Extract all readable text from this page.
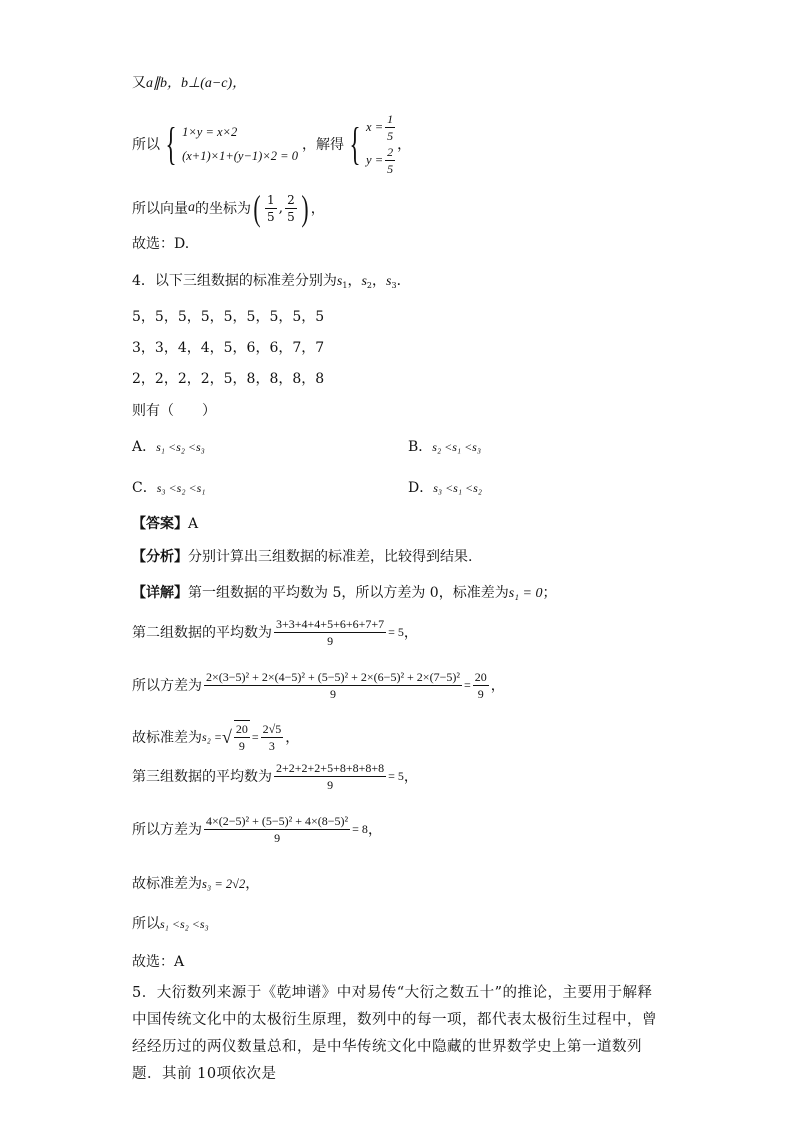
又a∥b，b⊥(a−c)，
所以 { 1×y = x×2
(x+1)×1+(y−1)×2 = 0
，解得 { $x = \frac{1}{5}$
$y = \frac{2}{5}$ ，
所以向量 a 的坐标为 ( $\frac{1}{5}$ , $\frac{2}{5}$ ) ，
故选：D.
4．以下三组数据的标准差分别为$s_1$，$s_2$，$s_3$．
5，5，5，5，5，5，5，5，5
3，3，4，4，5，6，6，7，7
2，2，2，2，5，8，8，8，8
则有（　　）
A．s₁ <s₂ <s₃	B．s₂ <s₁ <s₃
C．s₃ <s₂ <s₁	D．s₃ <s₁ <s₂
【答案】A
【分析】分别计算出三组数据的标准差，比较得到结果.
【详解】第一组数据的平均数为 5，所以方差为 0，标准差为s₁ = 0；
第二组数据的平均数为 $\frac{3+3+4+4+5+6+6+7+7}{9} = 5$ ，
所以方差为 $\frac{\text{2×(3−5)² + 2×(4−5)² + (5−5)² + 2×(6−5)² + 2×(7−5)²}}{9} = \frac{20}{9}$ ，
故标准差为 s₂ = √ $\frac{20}{9} = \frac{2√5}{3}$ ，
第三组数据的平均数为 $\frac{2+2+2+2+5+8+8+8+8}{9} = 5$ ，
所以方差为 $\frac{\text{4×(2−5)² + (5−5)² + 4×(8−5)²}}{9} = 8$ ，
故标准差为s₃ = 2√2，
所以s₁ <s₂ <s₃
故选：A
5．大衍数列来源于《乾坤谱》中对易传“大衍之数五十”的推论，主要用于解释中国传统文化中的太极衍生原理，数列中的每一项，都代表太极衍生过程中，曾经经历过的两仪数量总和，是中华传统文化中隐藏的世界数学史上第一道数列题．其前 10项依次是
